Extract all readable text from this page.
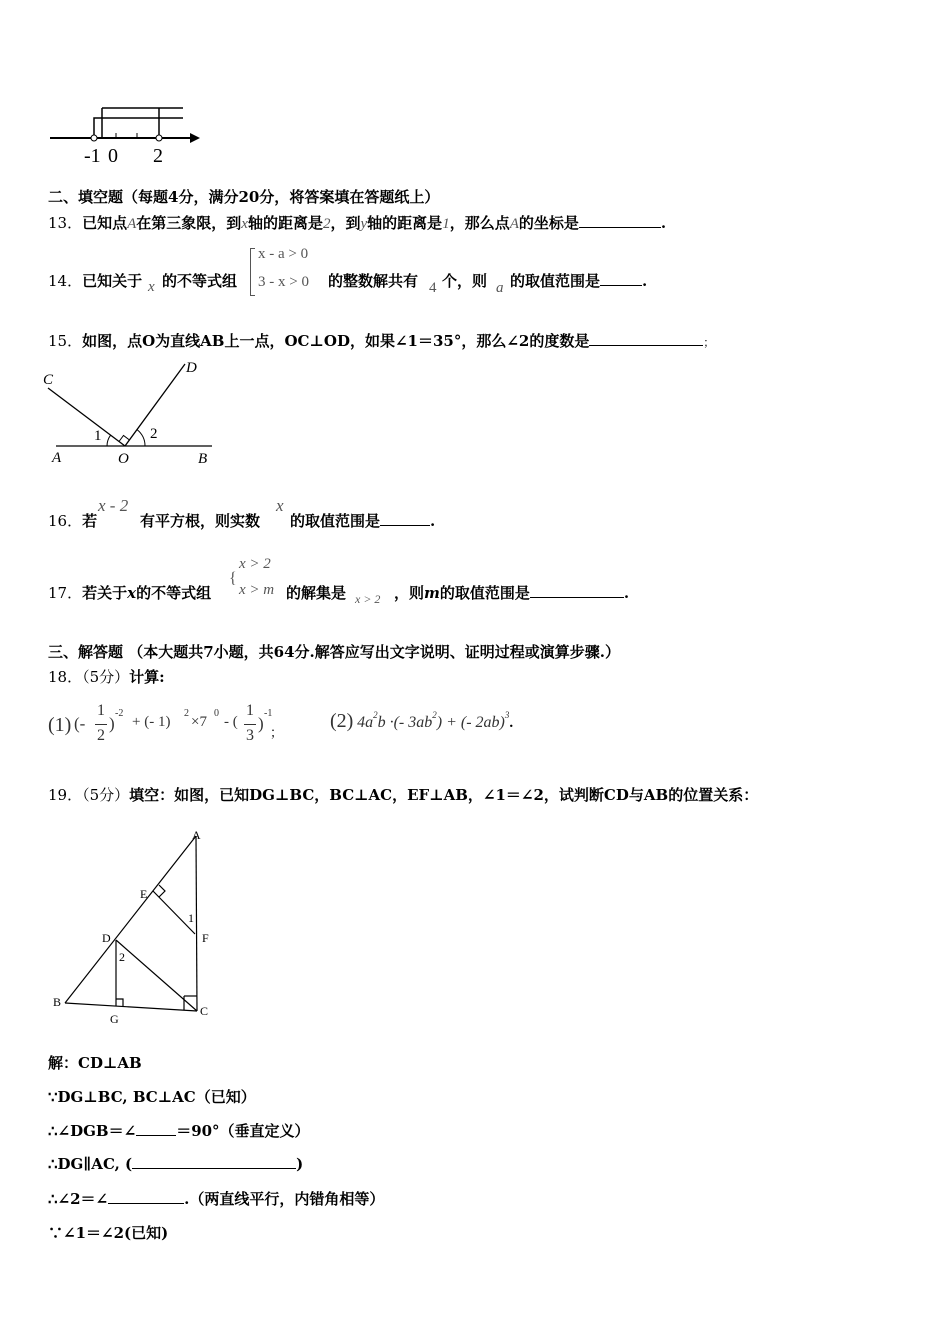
-1 0 2
二、填空题（每题4分，满分20分，将答案填在答题纸上）
13．已知点A在第三象限，到x轴的距离是2，到y轴的距离是1，那么点A的坐标是	.
14．已知关于 x 的不等式组
x - a > 0
3 - x > 0 的整数解共有 4 个，则 a 的取值范围是	.
15．如图，点O为直线AB上一点，OC⊥OD，如果∠1＝35°，那么∠2的度数是	；
C
D
A	O	B
1	2
16．若
x - 2
有平方根，则实数
x
的取值范围是	.
17．若关于x的不等式组
{
x > 2
x > m 的解集是 x > 2 ，则m的取值范围是	.
三、解答题 （本大题共7小题，共64分.解答应写出文字说明、证明过程或演算步骤.）
18．（5分）计算:
(1) (-
1
2
)
-2
+ (- 1)
2
×7
0
- (
1
3
)
-1
；
(2) $4a^2b$ ·(- $3ab^2$) + (- 2ab)$^3$.
19．（5分）填空：如图，已知DG⊥BC，BC⊥AC，EF⊥AB，∠1＝∠2，试判断CD与AB的位置关系：
A
E
1
D	F
2
B
C
G
解：CD⊥AB
∵DG⊥BC, BC⊥AC（已知）
∴∠DGB＝∠	＝90°（垂直定义）
∴DG∥AC, (	)
∴∠2＝∠	.（两直线平行，内错角相等）
∵∠1＝∠2(已知)
